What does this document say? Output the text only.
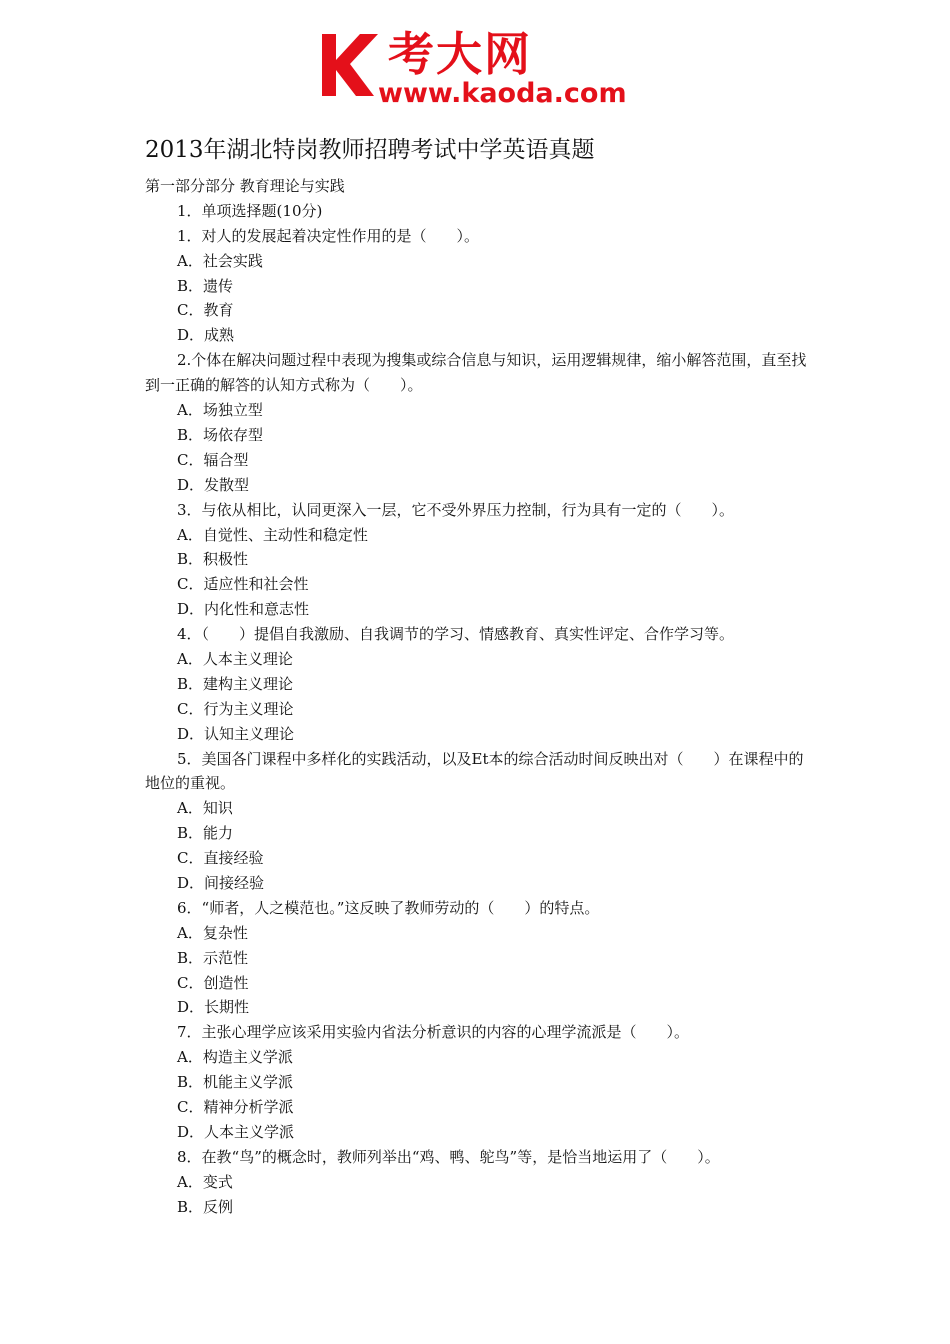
考大网
www.kaoda.com
2013年湖北特岗教师招聘考试中学英语真题
第一部分部分 教育理论与实践
1．单项选择题(10分)
1．对人的发展起着决定性作用的是（　　）。
A．社会实践
B．遗传
C．教育
D．成熟
2.个体在解决问题过程中表现为搜集或综合信息与知识，运用逻辑规律，缩小解答范围，直至找到一正确的解答的认知方式称为（　　）。
A．场独立型
B．场依存型
C．辐合型
D．发散型
3．与依从相比，认同更深入一层，它不受外界压力控制，行为具有一定的（　　）。
A．自觉性、主动性和稳定性
B．积极性
C．适应性和社会性
D．内化性和意志性
4．（　　）提倡自我激励、自我调节的学习、情感教育、真实性评定、合作学习等。
A．人本主义理论
B．建构主义理论
C．行为主义理论
D．认知主义理论
5．美国各门课程中多样化的实践活动，以及Et本的综合活动时间反映出对（　　）在课程中的地位的重视。
A．知识
B．能力
C．直接经验
D．间接经验
6．“师者，人之模范也。”这反映了教师劳动的（　　）的特点。
A．复杂性
B．示范性
C．创造性
D．长期性
7．主张心理学应该采用实验内省法分析意识的内容的心理学流派是（　　）。
A．构造主义学派
B．机能主义学派
C．精神分析学派
D．人本主义学派
8．在教“鸟”的概念时，教师列举出“鸡、鸭、鸵鸟”等，是恰当地运用了（　　）。
A．变式
B．反例
